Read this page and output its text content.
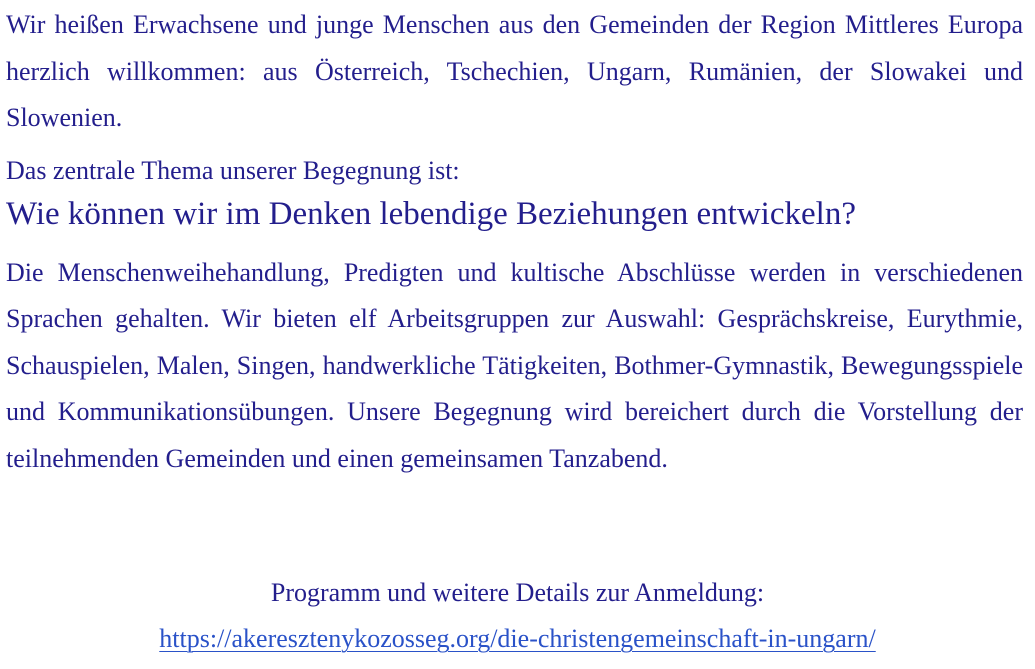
Wir heißen Erwachsene und junge Menschen aus den Gemeinden der Region Mittleres Europa herzlich willkommen: aus Österreich, Tschechien, Ungarn, Rumänien, der Slowakei und Slowenien.

Das zentrale Thema unserer Begegnung ist:

Wie können wir im Denken lebendige Beziehungen entwickeln?

Die Menschenweihehandlung, Predigten und kultische Abschlüsse werden in verschiedenen Sprachen gehalten. Wir bieten elf Arbeitsgruppen zur Auswahl: Gesprächskreise, Eurythmie, Schauspielen, Malen, Singen, handwerkliche Tätigkeiten, Bothmer-Gymnastik, Bewegungsspiele und Kommunikationsübungen. Unsere Begegnung wird bereichert durch die Vorstellung der teilnehmenden Gemeinden und einen gemeinsamen Tanzabend.

Programm und weitere Details zur Anmeldung:
https://akeresztenykozosseg.org/die-christengemeinschaft-in-ungarn/
